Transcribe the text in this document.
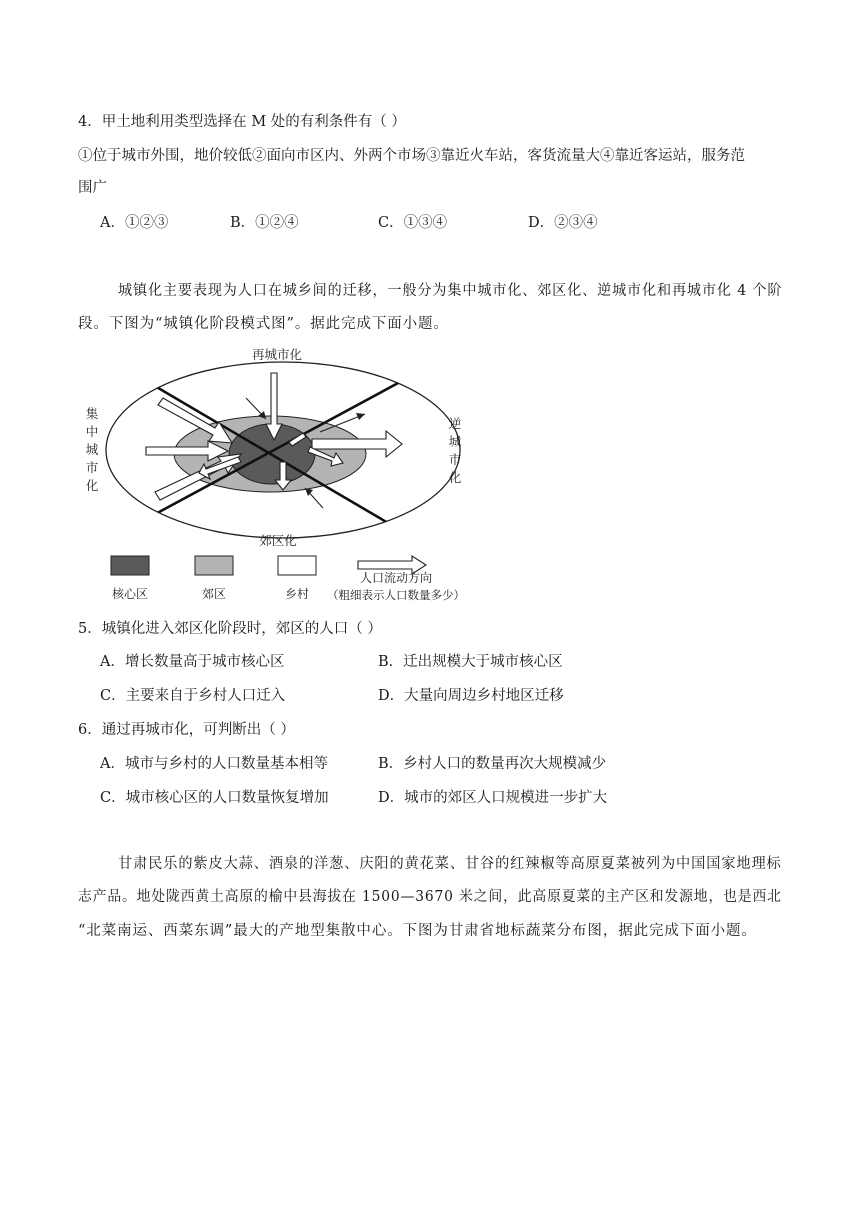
4．甲土地利用类型选择在 M 处的有利条件有（ ）
①位于城市外围，地价较低②面向市区内、外两个市场③靠近火车站，客货流量大④靠近客运站，服务范
围广
A．①②③	B．①②④	C．①③④	D．②③④
城镇化主要表现为人口在城乡间的迁移，一般分为集中城市化、郊区化、逆城市化和再城市化 4 个阶
段。下图为“城镇化阶段模式图”。据此完成下面小题。
再城市化
集
中
城
市
化
逆
城
市
化
郊区化
核心区	郊区	乡村
人口流动方向
（粗细表示人口数量多少）
5．城镇化进入郊区化阶段时，郊区的人口（ ）
A．增长数量高于城市核心区	B．迁出规模大于城市核心区
C．主要来自于乡村人口迁入	D．大量向周边乡村地区迁移
6．通过再城市化，可判断出（ ）
A．城市与乡村的人口数量基本相等	B．乡村人口的数量再次大规模减少
C．城市核心区的人口数量恢复增加	D．城市的郊区人口规模进一步扩大
甘肃民乐的紫皮大蒜、酒泉的洋葱、庆阳的黄花菜、甘谷的红辣椒等高原夏菜被列为中国国家地理标
志产品。地处陇西黄土高原的榆中县海拔在 1500—3670 米之间，此高原夏菜的主产区和发源地，也是西北
“北菜南运、西菜东调”最大的产地型集散中心。下图为甘肃省地标蔬菜分布图，据此完成下面小题。
